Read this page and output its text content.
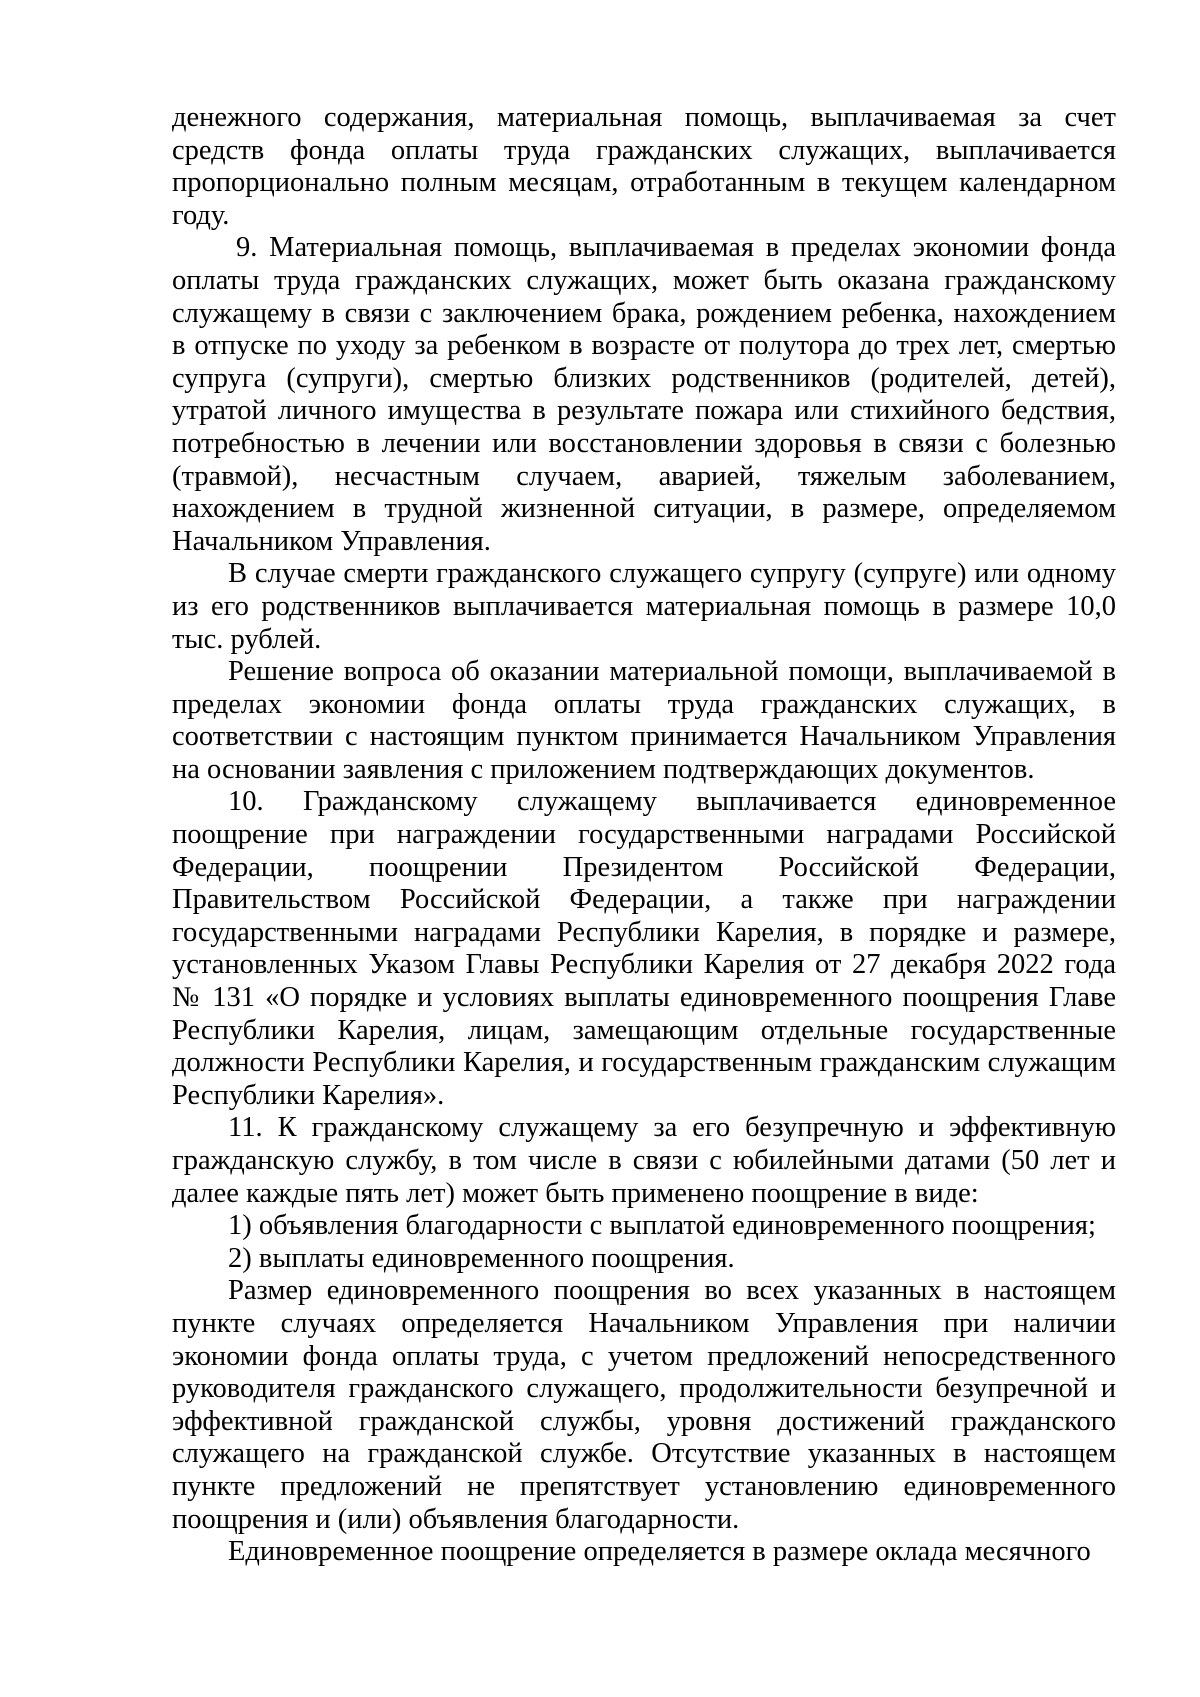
денежного содержания, материальная помощь, выплачиваемая за счет средств фонда оплаты труда гражданских служащих, выплачивается пропорционально полным месяцам, отработанным в текущем календарном году.

9. Материальная помощь, выплачиваемая в пределах экономии фонда оплаты труда гражданских служащих, может быть оказана гражданскому служащему в связи с заключением брака, рождением ребенка, нахождением в отпуске по уходу за ребенком в возрасте от полутора до трех лет, смертью супруга (супруги), смертью близких родственников (родителей, детей), утратой личного имущества в результате пожара или стихийного бедствия, потребностью в лечении или восстановлении здоровья в связи с болезнью (травмой), несчастным случаем, аварией, тяжелым заболеванием, нахождением в трудной жизненной ситуации, в размере, определяемом Начальником Управления.

В случае смерти гражданского служащего супругу (супруге) или одному из его родственников выплачивается материальная помощь в размере 10,0 тыс. рублей.

Решение вопроса об оказании материальной помощи, выплачиваемой в пределах экономии фонда оплаты труда гражданских служащих, в соответствии с настоящим пунктом принимается Начальником Управления на основании заявления с приложением подтверждающих документов.

10. Гражданскому служащему выплачивается единовременное поощрение при награждении государственными наградами Российской Федерации, поощрении Президентом Российской Федерации, Правительством Российской Федерации, а также при награждении государственными наградами Республики Карелия, в порядке и размере, установленных Указом Главы Республики Карелия от 27 декабря 2022 года № 131 «О порядке и условиях выплаты единовременного поощрения Главе Республики Карелия, лицам, замещающим отдельные государственные должности Республики Карелия, и государственным гражданским служащим Республики Карелия».

11. К гражданскому служащему за его безупречную и эффективную гражданскую службу, в том числе в связи с юбилейными датами (50 лет и далее каждые пять лет) может быть применено поощрение в виде:

1) объявления благодарности с выплатой единовременного поощрения;

2) выплаты единовременного поощрения.

Размер единовременного поощрения во всех указанных в настоящем пункте случаях определяется Начальником Управления при наличии экономии фонда оплаты труда, с учетом предложений непосредственного руководителя гражданского служащего, продолжительности безупречной и эффективной гражданской службы, уровня достижений гражданского служащего на гражданской службе. Отсутствие указанных в настоящем пункте предложений не препятствует установлению единовременного поощрения и (или) объявления благодарности.

Единовременное поощрение определяется в размере оклада месячного
